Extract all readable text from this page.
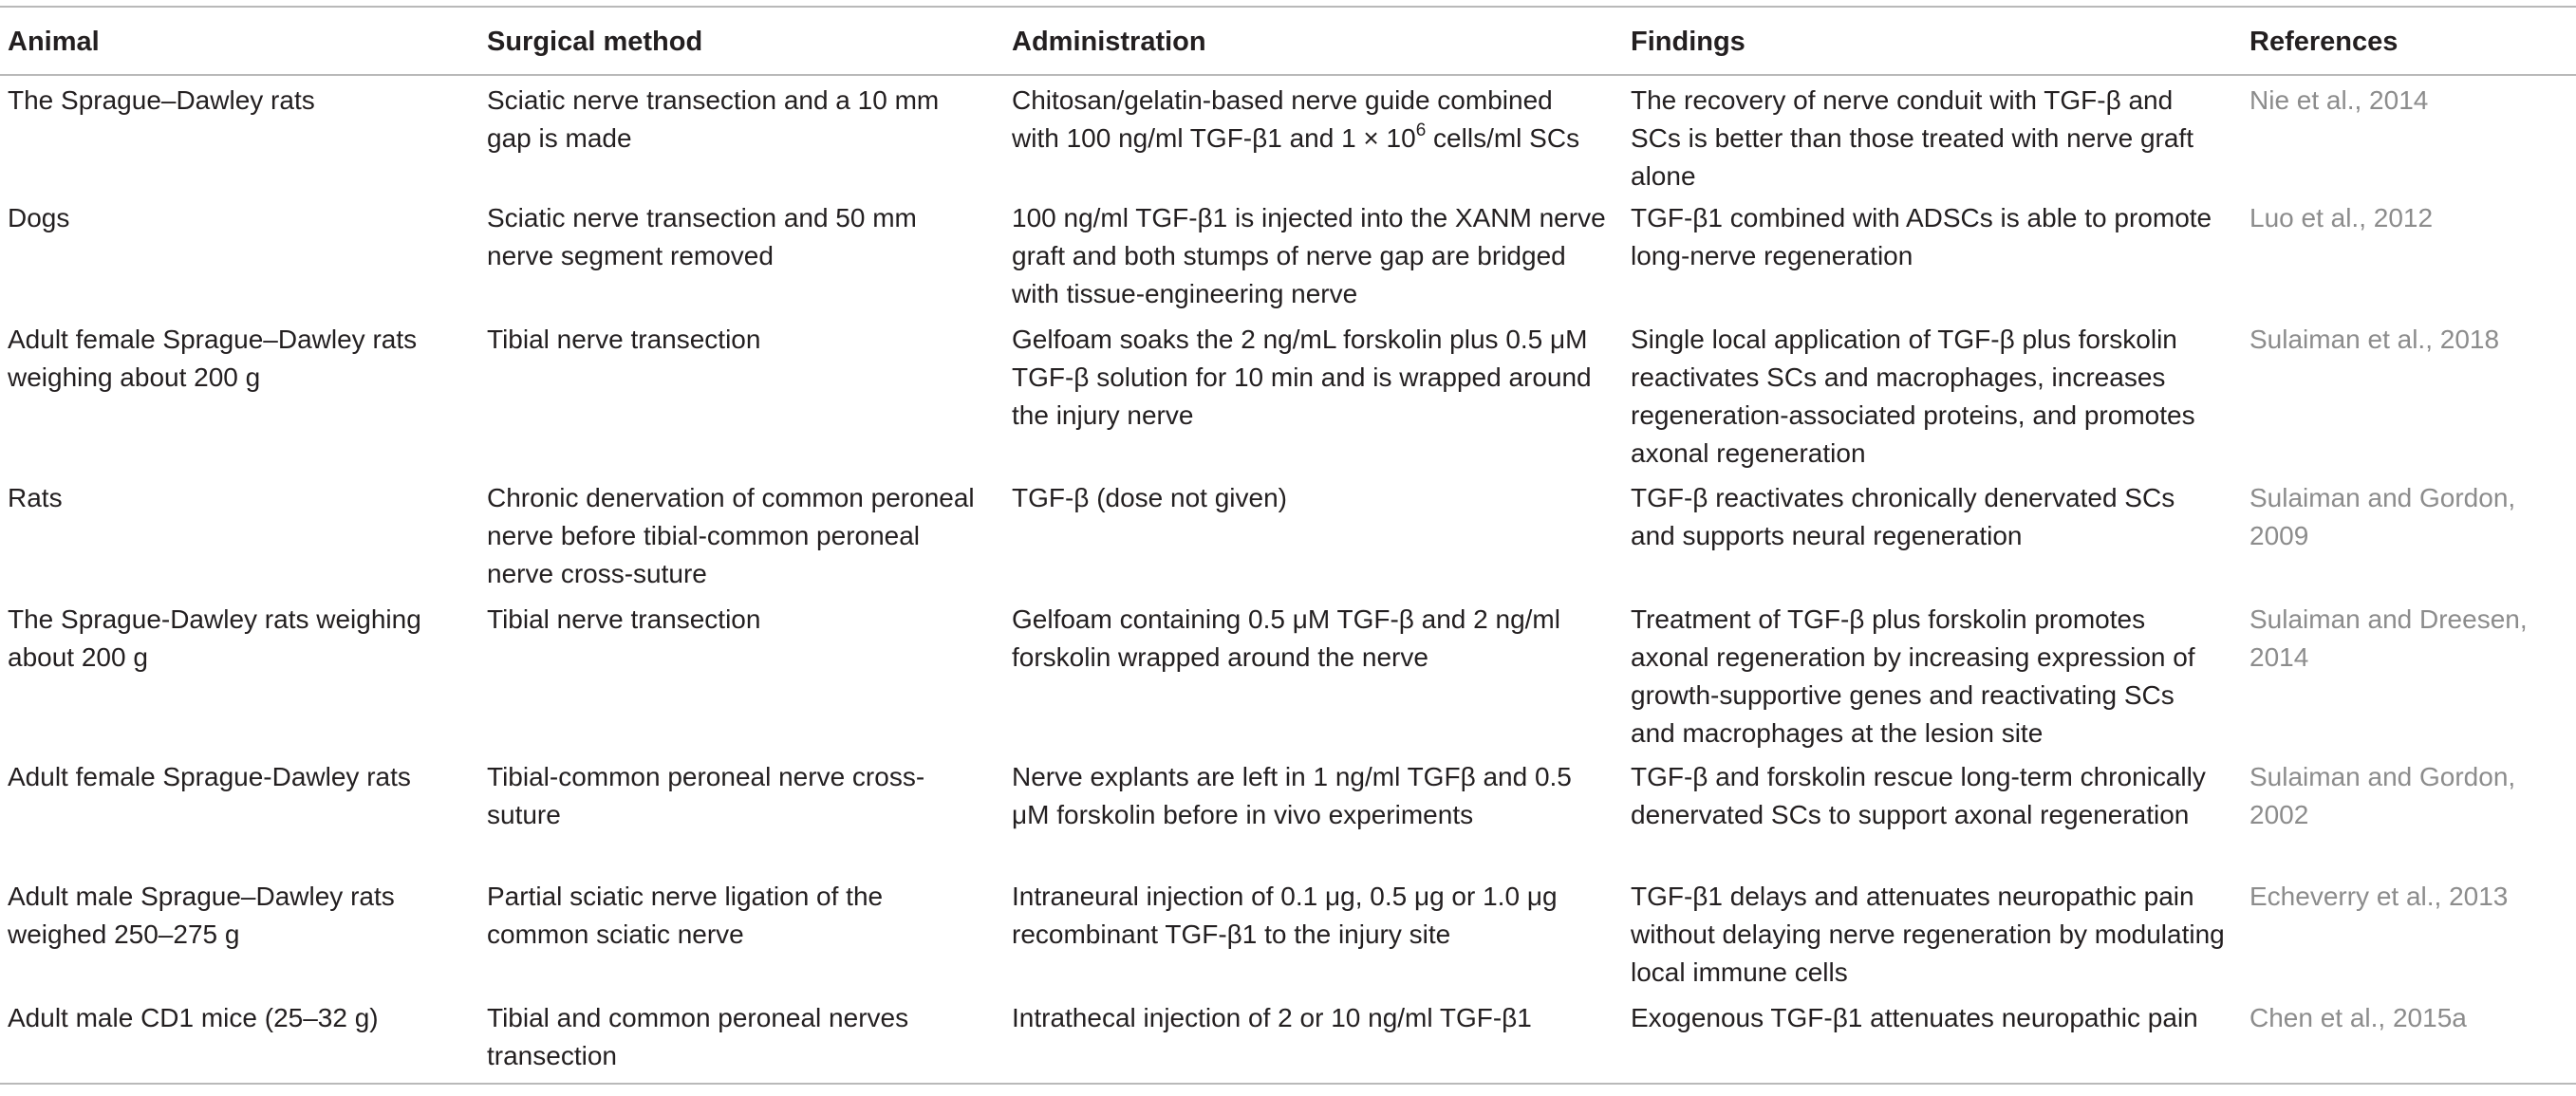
Animal	Surgical method	Administration	Findings	References
The Sprague–Dawley rats	Sciatic nerve transection and a 10 mm gap is made	Chitosan/gelatin-based nerve guide combined with 100 ng/ml TGF-β1 and $1 \times 10^6$ cells/ml SCs	The recovery of nerve conduit with TGF-β and SCs is better than those treated with nerve graft alone	Nie et al., 2014
Dogs	Sciatic nerve transection and 50 mm nerve segment removed	100 ng/ml TGF-β1 is injected into the XANM nerve graft and both stumps of nerve gap are bridged with tissue-engineering nerve	TGF-β1 combined with ADSCs is able to promote long-nerve regeneration	Luo et al., 2012
Adult female Sprague–Dawley rats weighing about 200 g	Tibial nerve transection	Gelfoam soaks the 2 ng/mL forskolin plus 0.5 μM TGF-β solution for 10 min and is wrapped around the injury nerve	Single local application of TGF-β plus forskolin reactivates SCs and macrophages, increases regeneration-associated proteins, and promotes axonal regeneration	Sulaiman et al., 2018
Rats	Chronic denervation of common peroneal nerve before tibial-common peroneal nerve cross-suture	TGF-β (dose not given)	TGF-β reactivates chronically denervated SCs and supports neural regeneration	Sulaiman and Gordon, 2009
The Sprague-Dawley rats weighing about 200 g	Tibial nerve transection	Gelfoam containing 0.5 μM TGF-β and 2 ng/ml forskolin wrapped around the nerve	Treatment of TGF-β plus forskolin promotes axonal regeneration by increasing expression of growth-supportive genes and reactivating SCs and macrophages at the lesion site	Sulaiman and Dreesen, 2014
Adult female Sprague-Dawley rats	Tibial-common peroneal nerve cross-suture	Nerve explants are left in 1 ng/ml TGFβ and 0.5 μM forskolin before in vivo experiments	TGF-β and forskolin rescue long-term chronically denervated SCs to support axonal regeneration	Sulaiman and Gordon, 2002
Adult male Sprague–Dawley rats weighed 250–275 g	Partial sciatic nerve ligation of the common sciatic nerve	Intraneural injection of 0.1 μg, 0.5 μg or 1.0 μg recombinant TGF-β1 to the injury site	TGF-β1 delays and attenuates neuropathic pain without delaying nerve regeneration by modulating local immune cells	Echeverry et al., 2013
Adult male CD1 mice (25–32 g)	Tibial and common peroneal nerves transection	Intrathecal injection of 2 or 10 ng/ml TGF-β1	Exogenous TGF-β1 attenuates neuropathic pain	Chen et al., 2015a
